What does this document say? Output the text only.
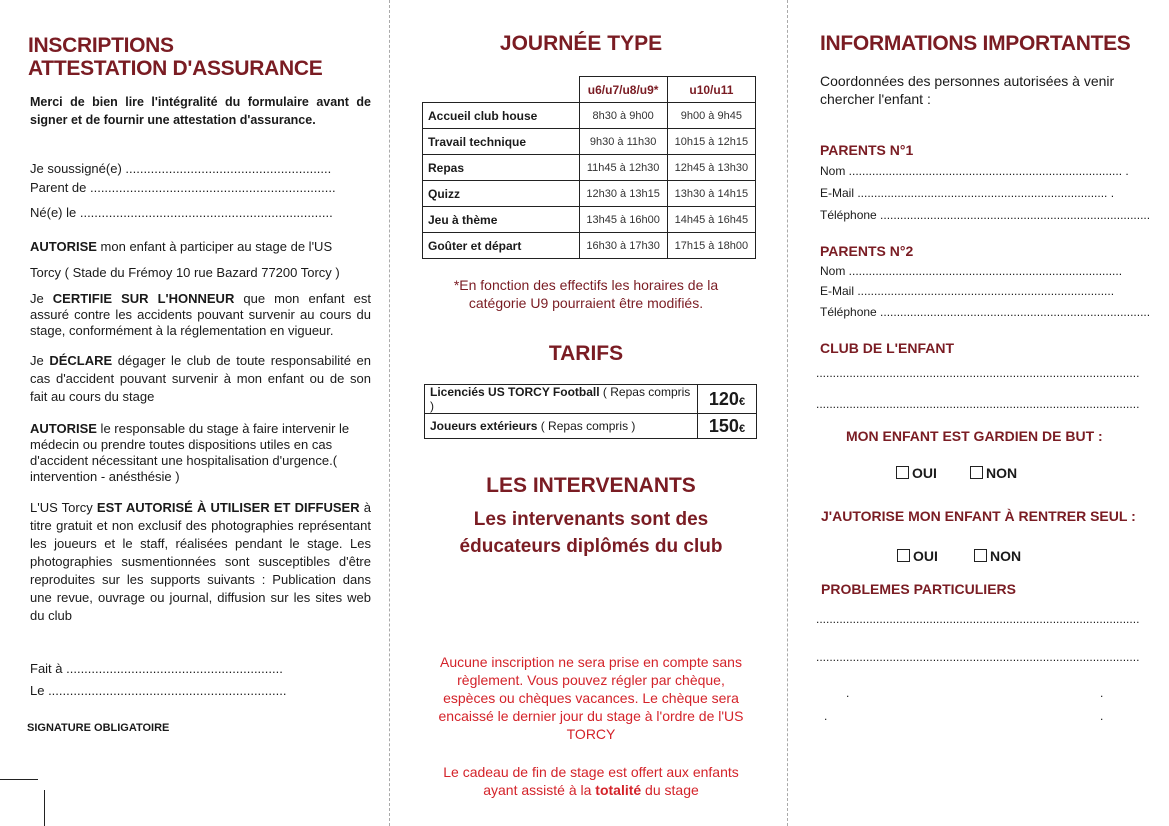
INSCRIPTIONS
ATTESTATION D'ASSURANCE

Merci de bien lire l'intégralité du formulaire avant de signer et de fournir une attestation d'assurance.

Je soussigné(e) .........................................................
Parent de ....................................................................
Né(e) le ......................................................................

AUTORISE mon enfant à participer au stage de l'US
Torcy ( Stade du Frémoy 10 rue Bazard 77200 Torcy )

Je CERTIFIE SUR L'HONNEUR que mon enfant est assuré contre les accidents pouvant survenir au cours du stage, conformément à la réglementation en vigueur.

Je DÉCLARE dégager le club de toute responsabilité en cas d'accident pouvant survenir à mon enfant ou de son fait au cours du stage

AUTORISE le responsable du stage à faire intervenir le médecin ou prendre toutes dispositions utiles en cas d'accident nécessitant une hospitalisation d'urgence.( intervention - anésthésie )

L'US Torcy EST AUTORISÉ À UTILISER ET DIFFUSER à titre gratuit et non exclusif des photographies représentant les joueurs et le staff, réalisées pendant le stage. Les photographies susmentionnées sont susceptibles d'être reproduites sur les supports suivants : Publication dans une revue, ouvrage ou journal, diffusion sur les sites web du club

Fait à ............................................................
Le ..................................................................
SIGNATURE OBLIGATOIRE
JOURNÉE TYPE
	u6/u7/u8/u9*	u10/u11
Accueil club house	8h30 à 9h00	9h00 à 9h45
Travail technique	9h30 à 11h30	10h15 à 12h15
Repas	11h45 à 12h30	12h45 à 13h30
Quizz	12h30 à 13h15	13h30 à 14h15
Jeu à thème	13h45 à 16h00	14h45 à 16h45
Goûter et départ	16h30 à 17h30	17h15 à 18h00

*En fonction des effectifs les horaires de la catégorie U9 pourraient être modifiés.

TARIFS
Licenciés US TORCY Football ( Repas compris )	120€
Joueurs extérieurs ( Repas compris )	150€
LES INTERVENANTS

Les intervenants sont des éducateurs diplômés du club

Aucune inscription ne sera prise en compte sans règlement. Vous pouvez régler par chèque, espèces ou chèques vacances. Le chèque sera encaissé le dernier jour du stage à l'ordre de l'US TORCY

Le cadeau de fin de stage est offert aux enfants ayant assisté à la totalité du stage

INFORMATIONS IMPORTANTES

Coordonnées des personnes autorisées à venir chercher l'enfant :

PARENTS N°1
Nom .................................................................................. .
E-Mail ........................................................................... .
Téléphone .................................................................................
PARENTS N°2
Nom ..................................................................................
E-Mail .............................................................................
Téléphone .................................................................................
CLUB DE L'ENFANT
.................................................................................................
.................................................................................................
MON ENFANT EST GARDIEN DE BUT :
OUI	NON
J'AUTORISE MON ENFANT À RENTRER SEUL :
OUI	NON
PROBLEMES PARTICULIERS
.................................................................................................
.................................................................................................
.	.
.	.
